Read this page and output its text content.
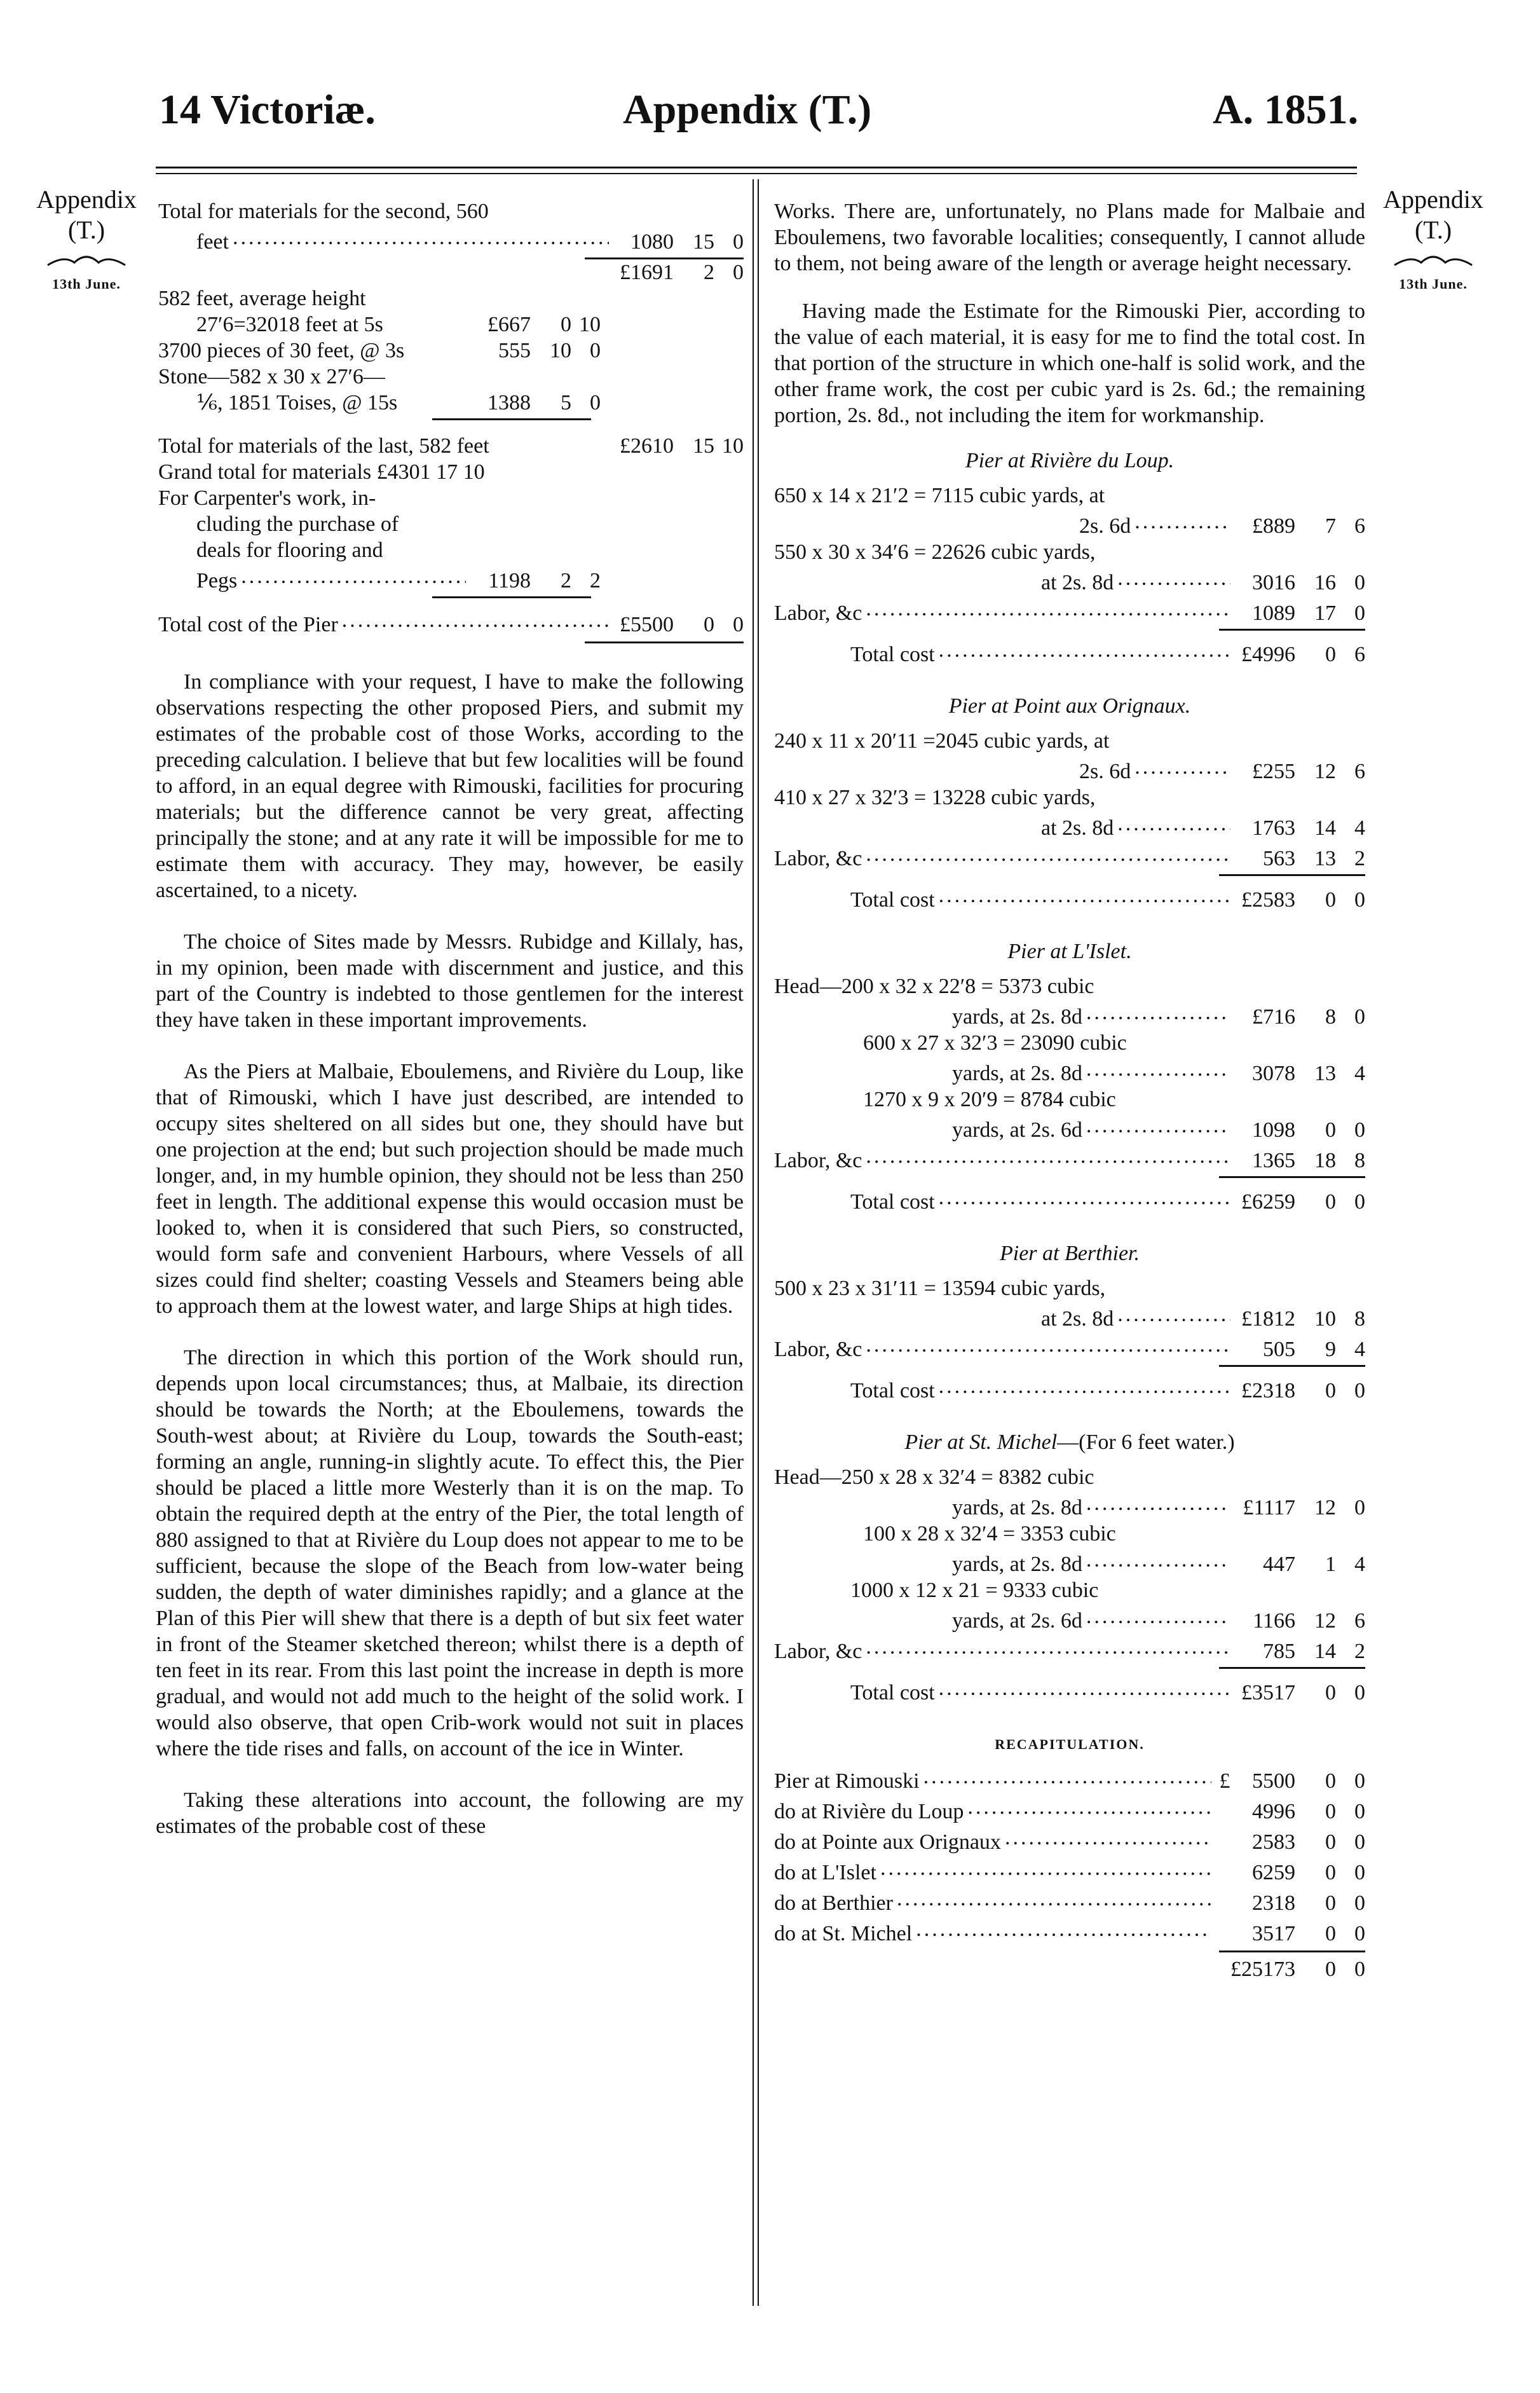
14 Victoriæ.	Appendix (T.)	A. 1851.
Appendix
(T.)
13th June.
Appendix
(T.)
13th June.
Total for materials for the second, 560
feet .....	1080 15 0
£1691 2 0
582 feet, average height
27′6=32018 feet at 5s	£667 0 10
3700 pieces of 30 feet, @ 3s	555 10 0
Stone—582 x 30 x 27′6—
⅙, 1851 Toises, @ 15s	1388 5 0
Total for materials of the last, 582 feet	£2610 15 10
Grand total for materials £4301 17 10
For Carpenter's work, in-
cluding the purchase of
deals for flooring and
Pegs .....	1198 2 2
Total cost of the Pier .....	£5500 0 0

In compliance with your request, I have to make the following observations respecting the other proposed Piers, and submit my estimates of the probable cost of those Works, according to the preceding calculation. I believe that but few localities will be found to afford, in an equal degree with Rimouski, facilities for procuring materials; but the difference cannot be very great, affecting principally the stone; and at any rate it will be impossible for me to estimate them with accuracy. They may, however, be easily ascertained, to a nicety.

The choice of Sites made by Messrs. Rubidge and Killaly, has, in my opinion, been made with discernment and justice, and this part of the Country is indebted to those gentlemen for the interest they have taken in these important improvements.

As the Piers at Malbaie, Eboulemens, and Rivière du Loup, like that of Rimouski, which I have just described, are intended to occupy sites sheltered on all sides but one, they should have but one projection at the end; but such projection should be made much longer, and, in my humble opinion, they should not be less than 250 feet in length. The additional expense this would occasion must be looked to, when it is considered that such Piers, so constructed, would form safe and convenient Harbours, where Vessels of all sizes could find shelter; coasting Vessels and Steamers being able to approach them at the lowest water, and large Ships at high tides.

The direction in which this portion of the Work should run, depends upon local circumstances; thus, at Malbaie, its direction should be towards the North; at the Eboulemens, towards the South-west about; at Rivière du Loup, towards the South-east; forming an angle, running-in slightly acute. To effect this, the Pier should be placed a little more Westerly than it is on the map. To obtain the required depth at the entry of the Pier, the total length of 880 assigned to that at Rivière du Loup does not appear to me to be sufficient, because the slope of the Beach from low-water being sudden, the depth of water diminishes rapidly; and a glance at the Plan of this Pier will shew that there is a depth of but six feet water in front of the Steamer sketched thereon; whilst there is a depth of ten feet in its rear. From this last point the increase in depth is more gradual, and would not add much to the height of the solid work. I would also observe, that open Crib-work would not suit in places where the tide rises and falls, on account of the ice in Winter.

Taking these alterations into account, the following are my estimates of the probable cost of these

Works. There are, unfortunately, no Plans made for Malbaie and Eboulemens, two favorable localities; consequently, I cannot allude to them, not being aware of the length or average height necessary.

Having made the Estimate for the Rimouski Pier, according to the value of each material, it is easy for me to find the total cost. In that portion of the structure in which one-half is solid work, and the other frame work, the cost per cubic yard is 2s. 6d.; the remaining portion, 2s. 8d., not including the item for workmanship.

Pier at Rivière du Loup.
650 x 14 x 21′2 = 7115 cubic yards, at
2s. 6d .....	£889 7 6
550 x 30 x 34′6 = 22626 cubic yards,
at 2s. 8d .....	3016 16 0
Labor, &c .....	1089 17 0
Total cost .....	£4996 0 6
Pier at Point aux Orignaux.
240 x 11 x 20′11 =2045 cubic yards, at
2s. 6d .....	£255 12 6
410 x 27 x 32′3 = 13228 cubic yards,
at 2s. 8d .....	1763 14 4
Labor, &c .....	563 13 2
Total cost .....	£2583 0 0
Pier at L'Islet.
Head—200 x 32 x 22′8 = 5373 cubic
yards, at 2s. 8d .....	£716 8 0
600 x 27 x 32′3 = 23090 cubic
yards, at 2s. 8d .....	3078 13 4
1270 x 9 x 20′9 = 8784 cubic
yards, at 2s. 6d .....	1098 0 0
Labor, &c .....	1365 18 8
Total cost .....	£6259 0 0
Pier at Berthier.
500 x 23 x 31′11 = 13594 cubic yards,
at 2s. 8d .....	£1812 10 8
Labor, &c .....	505 9 4
Total cost .....	£2318 0 0
Pier at St. Michel—(For 6 feet water.)
Head—250 x 28 x 32′4 = 8382 cubic
yards, at 2s. 8d .....	£1117 12 0
100 x 28 x 32′4 = 3353 cubic
yards, at 2s. 8d .....	447 1 4
1000 x 12 x 21 = 9333 cubic
yards, at 2s. 6d .....	1166 12 6
Labor, &c .....	785 14 2
Total cost .....	£3517 0 0
RECAPITULATION.
Pier at Rimouski .....	£ 5500 0 0
do at Rivière du Loup .....	4996 0 0
do at Pointe aux Orignaux .....	2583 0 0
do at L'Islet .....	6259 0 0
do at Berthier .....	2318 0 0
do at St. Michel .....	3517 0 0
£25173 0 0
